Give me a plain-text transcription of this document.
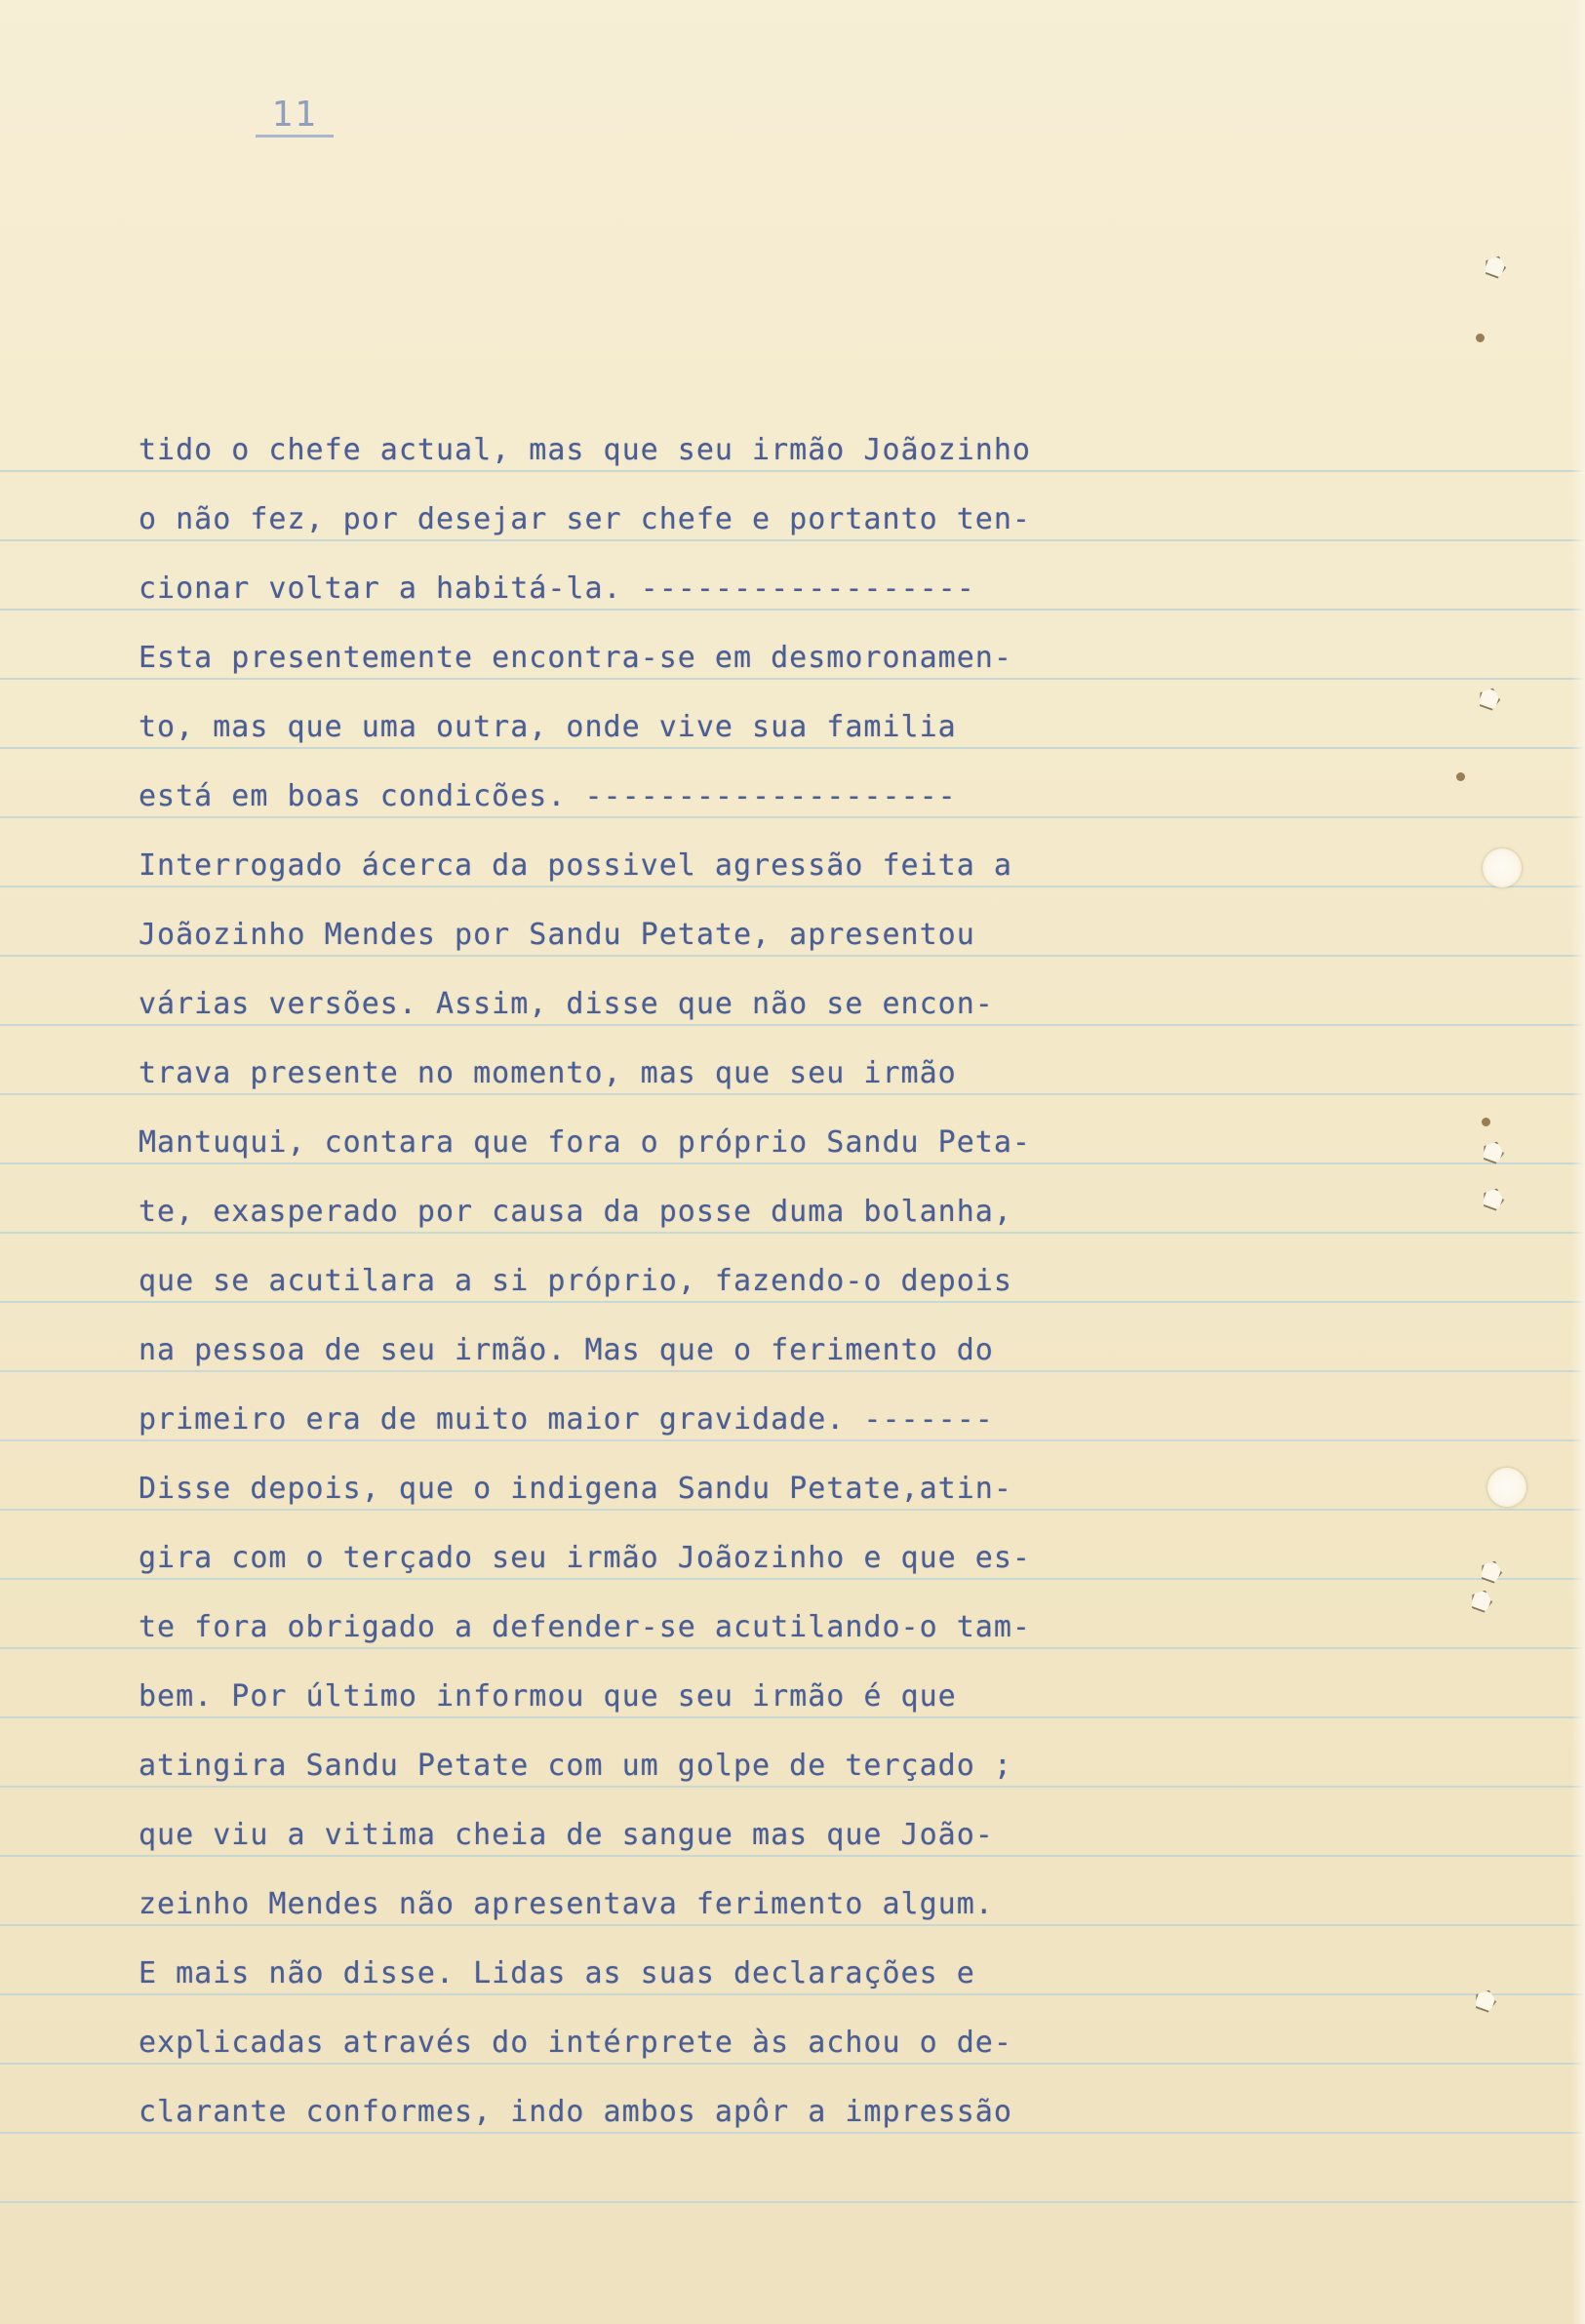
11
tido o chefe actual, mas que seu irmão Joãozinho
o não fez, por desejar ser chefe e portanto ten-
cionar voltar a habitá-la. ------------------
Esta presentemente encontra-se em desmoronamen-
to, mas que uma outra, onde vive sua familia
está em boas condicões. --------------------
Interrogado ácerca da possivel agressão feita a
Joãozinho Mendes por Sandu Petate, apresentou
várias versões. Assim, disse que não se encon-
trava presente no momento, mas que seu irmão
Mantuqui, contara que fora o próprio Sandu Peta-
te, exasperado por causa da posse duma bolanha,
que se acutilara a si próprio, fazendo-o depois
na pessoa de seu irmão. Mas que o ferimento do
primeiro era de muito maior gravidade. -------
Disse depois, que o indigena Sandu Petate,atin-
gira com o terçado seu irmão Joãozinho e que es-
te fora obrigado a defender-se acutilando-o tam-
bem. Por último informou que seu irmão é que
atingira Sandu Petate com um golpe de terçado ;
que viu a vitima cheia de sangue mas que João-
zeinho Mendes não apresentava ferimento algum.
E mais não disse. Lidas as suas declarações e
explicadas através do intérprete às achou o de-
clarante conformes, indo ambos apôr a impressão
